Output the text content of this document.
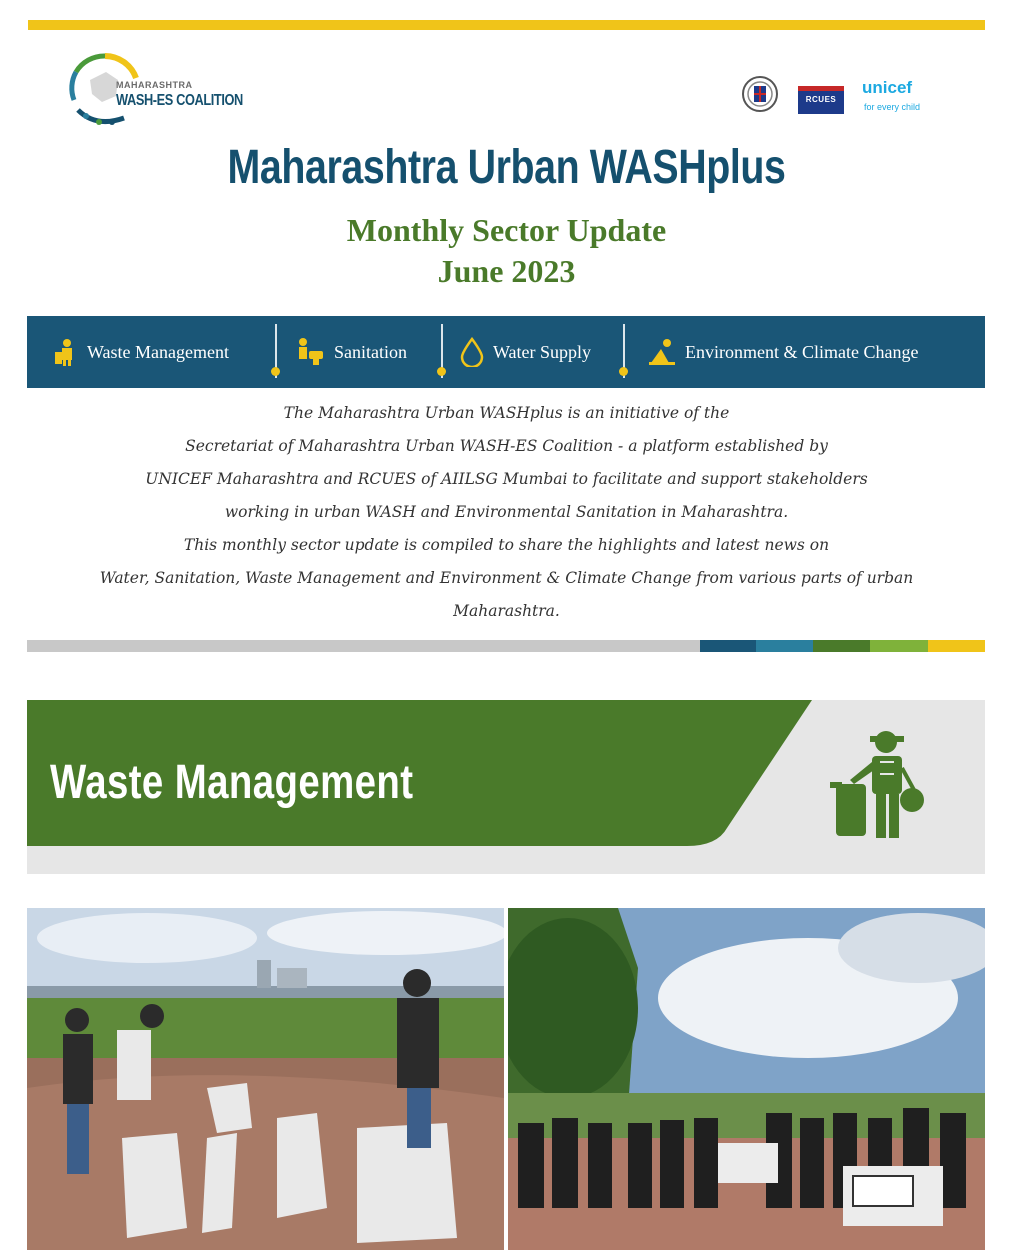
MAHARASHTRA
WASH-ES COALITION	RCUES
unicef
for every child
Maharashtra Urban WASHplus
Monthly Sector Update
June 2023
Waste Management	Sanitation	Water Supply	Environment & Climate Change
The Maharashtra Urban WASHplus is an initiative of the
Secretariat of Maharashtra Urban WASH-ES Coalition - a platform established by
UNICEF Maharashtra and RCUES of AIILSG Mumbai to facilitate and support stakeholders
working in urban WASH and Environmental Sanitation in Maharashtra.
This monthly sector update is compiled to share the highlights and latest news on
Water, Sanitation, Waste Management and Environment & Climate Change from various parts of urban
Maharashtra.
Waste Management
